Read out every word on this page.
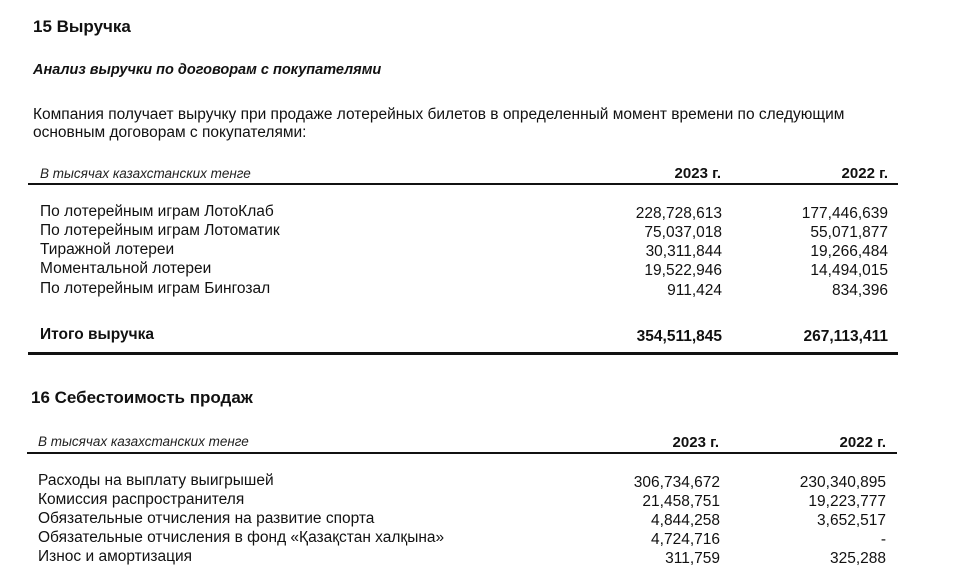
15 Выручка
Анализ выручки по договорам с покупателями
Компания получает выручку при продаже лотерейных билетов в определенный момент времени по следующим
основным договорам с покупателями:
В тысячах казахстанских тенге	2023 г.	2022 г.
По лотерейным играм ЛотоКлаб	228,728,613	177,446,639
По лотерейным играм Лотоматик	75,037,018	55,071,877
Тиражной лотереи	30,311,844	19,266,484
Моментальной лотереи	19,522,946	14,494,015
По лотерейным играм Бингозал	911,424	834,396
Итого выручка	354,511,845	267,113,411
16 Себестоимость продаж
В тысячах казахстанских тенге	2023 г.	2022 г.
Расходы на выплату выигрышей	306,734,672	230,340,895
Комиссия распространителя	21,458,751	19,223,777
Обязательные отчисления на развитие спорта	4,844,258	3,652,517
Обязательные отчисления в фонд «Қазақстан халқына»	4,724,716	-
Износ и амортизация	311,759	325,288
